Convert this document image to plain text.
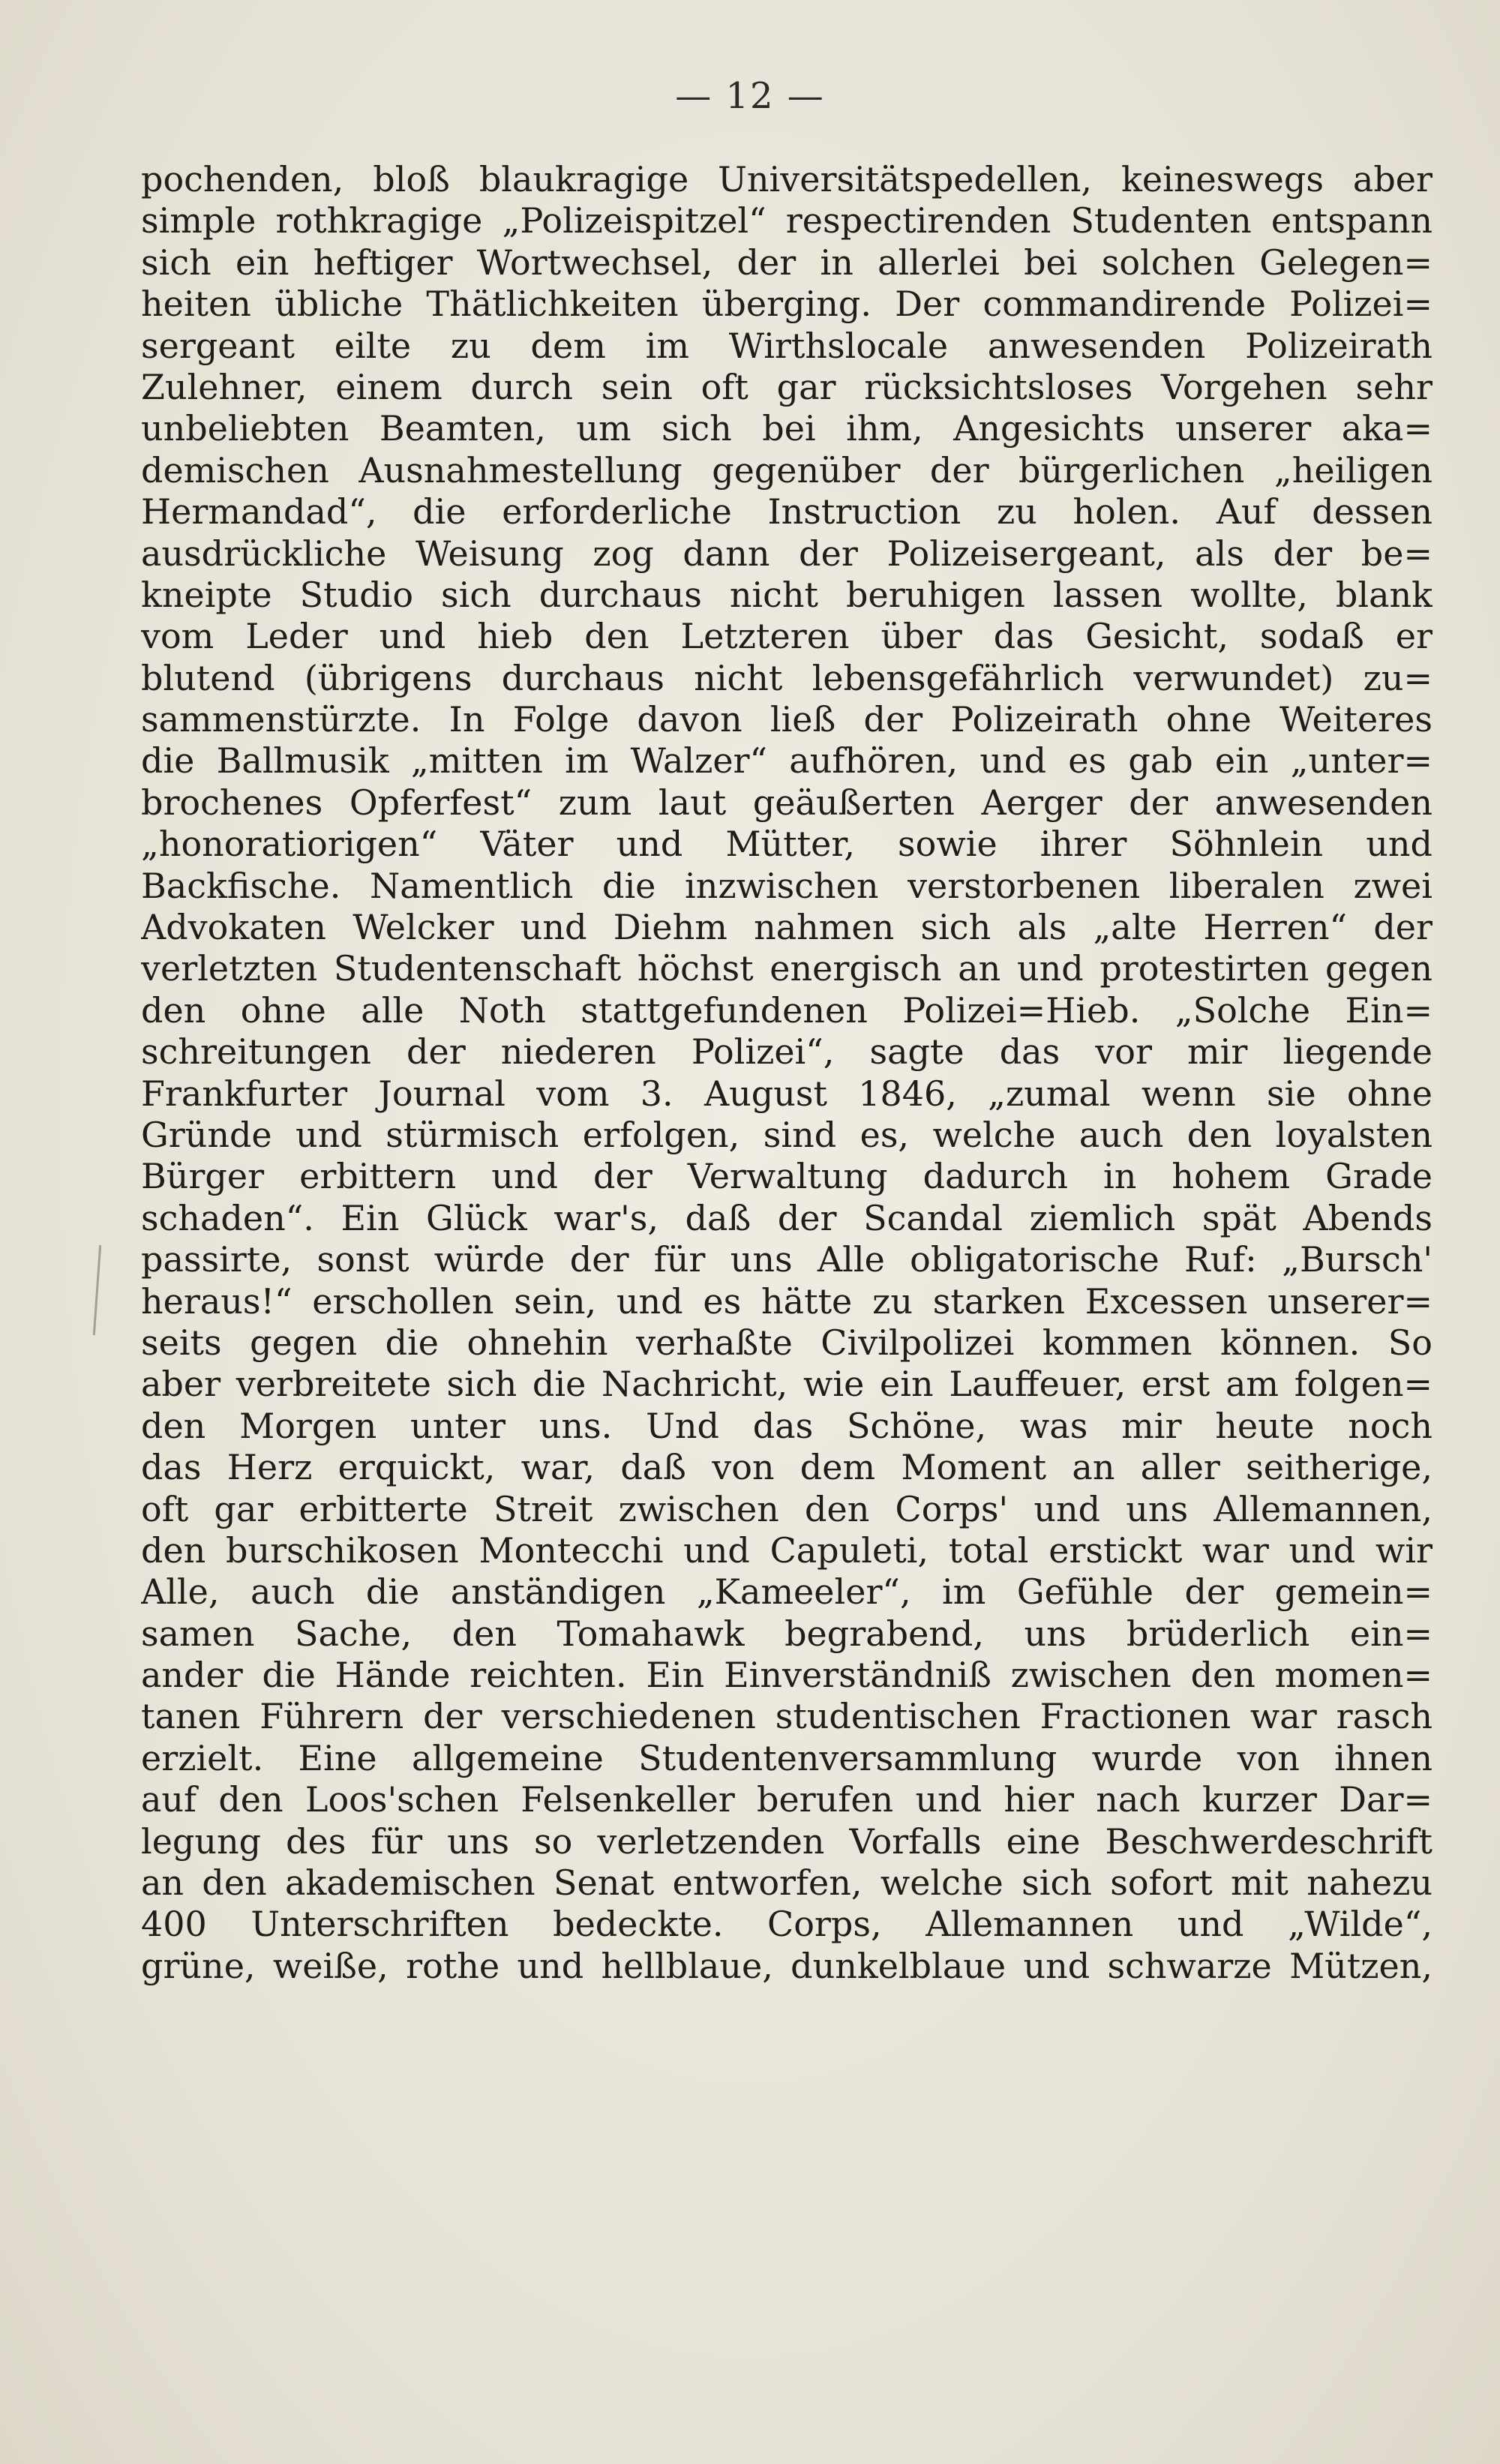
— 12 —
pochenden, bloß blaukragige Universitätspedellen, keineswegs aber
simple rothkragige „Polizeispitzel“ respectirenden Studenten entspann
sich ein heftiger Wortwechsel, der in allerlei bei solchen Gelegen=
heiten übliche Thätlichkeiten überging. Der commandirende Polizei=
sergeant eilte zu dem im Wirthslocale anwesenden Polizeirath
Zulehner, einem durch sein oft gar rücksichtsloses Vorgehen sehr
unbeliebten Beamten, um sich bei ihm, Angesichts unserer aka=
demischen Ausnahmestellung gegenüber der bürgerlichen „heiligen
Hermandad“, die erforderliche Instruction zu holen. Auf dessen
ausdrückliche Weisung zog dann der Polizeisergeant, als der be=
kneipte Studio sich durchaus nicht beruhigen lassen wollte, blank
vom Leder und hieb den Letzteren über das Gesicht, sodaß er
blutend (übrigens durchaus nicht lebensgefährlich verwundet) zu=
sammenstürzte. In Folge davon ließ der Polizeirath ohne Weiteres
die Ballmusik „mitten im Walzer“ aufhören, und es gab ein „unter=
brochenes Opferfest“ zum laut geäußerten Aerger der anwesenden
„honoratiorigen“ Väter und Mütter, sowie ihrer Söhnlein und
Backfische. Namentlich die inzwischen verstorbenen liberalen zwei
Advokaten Welcker und Diehm nahmen sich als „alte Herren“ der
verletzten Studentenschaft höchst energisch an und protestirten gegen
den ohne alle Noth stattgefundenen Polizei=Hieb. „Solche Ein=
schreitungen der niederen Polizei“, sagte das vor mir liegende
Frankfurter Journal vom 3. August 1846, „zumal wenn sie ohne
Gründe und stürmisch erfolgen, sind es, welche auch den loyalsten
Bürger erbittern und der Verwaltung dadurch in hohem Grade
schaden“. Ein Glück war's, daß der Scandal ziemlich spät Abends
passirte, sonst würde der für uns Alle obligatorische Ruf: „Bursch'
heraus!“ erschollen sein, und es hätte zu starken Excessen unserer=
seits gegen die ohnehin verhaßte Civilpolizei kommen können. So
aber verbreitete sich die Nachricht, wie ein Lauffeuer, erst am folgen=
den Morgen unter uns. Und das Schöne, was mir heute noch
das Herz erquickt, war, daß von dem Moment an aller seitherige,
oft gar erbitterte Streit zwischen den Corps' und uns Allemannen,
den burschikosen Montecchi und Capuleti, total erstickt war und wir
Alle, auch die anständigen „Kameeler“, im Gefühle der gemein=
samen Sache, den Tomahawk begrabend, uns brüderlich ein=
ander die Hände reichten. Ein Einverständniß zwischen den momen=
tanen Führern der verschiedenen studentischen Fractionen war rasch
erzielt. Eine allgemeine Studentenversammlung wurde von ihnen
auf den Loos'schen Felsenkeller berufen und hier nach kurzer Dar=
legung des für uns so verletzenden Vorfalls eine Beschwerdeschrift
an den akademischen Senat entworfen, welche sich sofort mit nahezu
400 Unterschriften bedeckte. Corps, Allemannen und „Wilde“,
grüne, weiße, rothe und hellblaue, dunkelblaue und schwarze Mützen,
